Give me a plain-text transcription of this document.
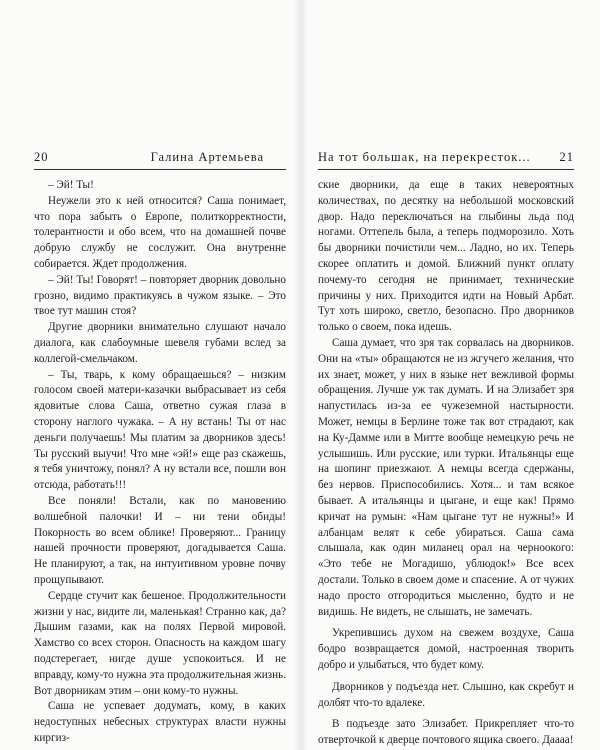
20	Галина Артемьева

– Эй! Ты!

Неужели это к ней относится? Саша понимает, что пора забыть о Европе, политкорректности, толерантности и обо всем, что на домашней почве добрую службу не сослужит. Она внутренне собирается. Ждет продолжения.

– Эй! Ты! Говорят! – повторяет дворник довольно грозно, видимо практикуясь в чужом языке. – Это твое тут машин стоя?

Другие дворники внимательно слушают начало диалога, как слабоумные шевеля губами вслед за коллегой-смельчаком.

– Ты, тварь, к кому обращаешься? – низким голосом своей матери-казачки выбрасывает из себя ядовитые слова Саша, ответно сужая глаза в сторону наглого чужака. – А ну встань! Ты от нас деньги получаешь! Мы платим за дворников здесь! Ты русский выучи! Что мне «эй!» еще раз скажешь, я тебя уничтожу, понял? А ну встали все, пошли вон отсюда, работать!!!

Все поняли! Встали, как по мановению волшебной палочки! И – ни тени обиды! Покорность во всем облике! Проверяют... Границу нашей прочности проверяют, догадывается Саша. Не планируют, а так, на интуитивном уровне почву прощупывают.

Сердце стучит как бешеное. Продолжительности жизни у нас, видите ли, маленькая! Странно как, да? Дышим газами, как на полях Первой мировой. Хамство со всех сторон. Опасность на каждом шагу подстерегает, нигде душе успокоиться. И не вправду, кому-то нужна эта продолжительная жизнь. Вот дворникам этим – они кому-то нужны.

Саша не успевает додумать, кому, в каких недоступных небесных структурах власти нужны киргиз-

На тот большак, на перекресток... 21

ские дворники, да еще в таких невероятных количествах, по десятку на небольшой московский двор. Надо переключаться на глыбины льда под ногами. Оттепель была, а теперь подморозило. Хоть бы дворники почистили чем... Ладно, но их. Теперь скорее оплатить и домой. Ближний пункт оплату почему-то сегодня не принимает, технические причины у них. Приходится идти на Новый Арбат. Тут хоть широко, светло, безопасно. Про дворников только о своем, пока идешь.

Саша думает, что зря так сорвалась на дворников. Они на «ты» обращаются не из жгучего желания, что их знает, может, у них в языке нет вежливой формы обращения. Лучше уж так думать. И на Элизабет зря напустилась из-за ее чужеземной настырности. Может, немцы в Берлине тоже так вот страдают, как на Ку-Дамме или в Митте вообще немецкую речь не услышишь. Или русские, или турки. Итальянцы еще на шопинг приезжают. А немцы всегда сдержаны, без нервов. Приспособились. Хотя... и там всякое бывает. А итальянцы и цыгане, и еще как! Прямо кричат на румын: «Нам цыгане тут не нужны!» И албанцам велят к себе убираться. Саша сама слышала, как один миланец орал на черноокого: «Это тебе не Могадишо, ублюдок!» Все всех достали. Только в своем доме и спасение. А от чужих надо просто отгородиться мысленно, будто и не видишь. Не видеть, не слышать, не замечать.

Укрепившись духом на свежем воздухе, Саша бодро возвращается домой, настроенная творить добро и улыбаться, что будет кому.

Дворников у подъезда нет. Слышно, как скребут и долбят что-то вдалеке.

В подъезде зато Элизабет. Прикрепляет что-то отверточкой к дверце почтового ящика своего. Даааа!
